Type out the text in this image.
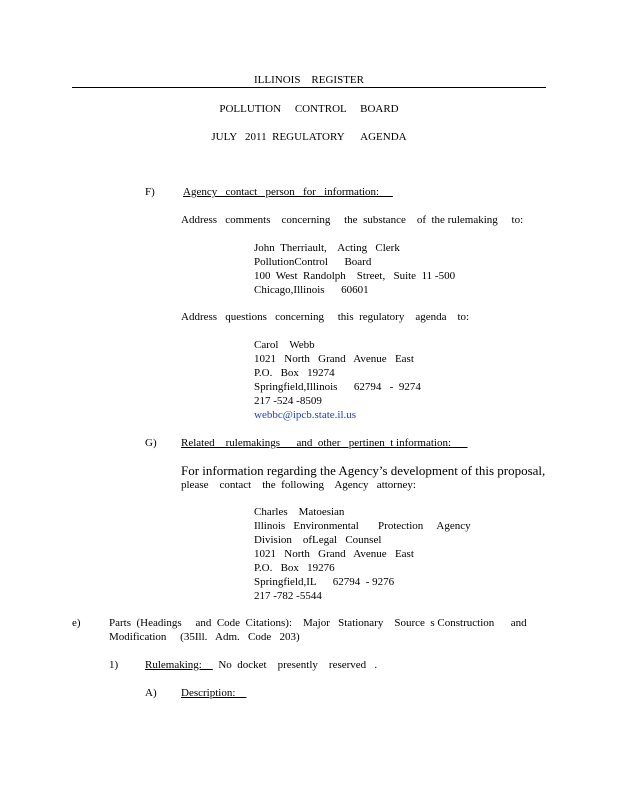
ILLINOIS    REGISTER
POLLUTION     CONTROL     BOARD
JULY   2011  REGULATORY      AGENDA
F)	Agency   contact   person   for   information:
Address   comments    concerning     the  substance    of  the rulemaking     to:
John  Therriault,    Acting   Clerk
PollutionControl      Board
100  West  Randolph    Street,   Suite  11 -500
Chicago,Illinois      60601
Address   questions   concerning     this  regulatory    agenda    to:
Carol    Webb
1021   North   Grand   Avenue   East
P.O.   Box   19274
Springfield,Illinois      62794   -  9274
217 -524 -8509
webbc@ipcb.state.il.us
G) Related    rulemakings      and  other   pertinen  t information:
For information regarding the Agency’s development of this proposal,
please    contact    the  following    Agency   attorney:
Charles    Matoesian
Illinois   Environmental       Protection     Agency
Division    ofLegal   Counsel
1021   North   Grand   Avenue   East
P.O.   Box   19276
Springfield,IL      62794  - 9276
217 -782 -5544
e)	Parts  (Headings     and  Code  Citations):    Major   Stationary    Source  s Construction      and
Modification     (35Ill.   Adm.   Code   203)
1) Rulemaking:      No  docket    presently    reserved   .
A) Description:
